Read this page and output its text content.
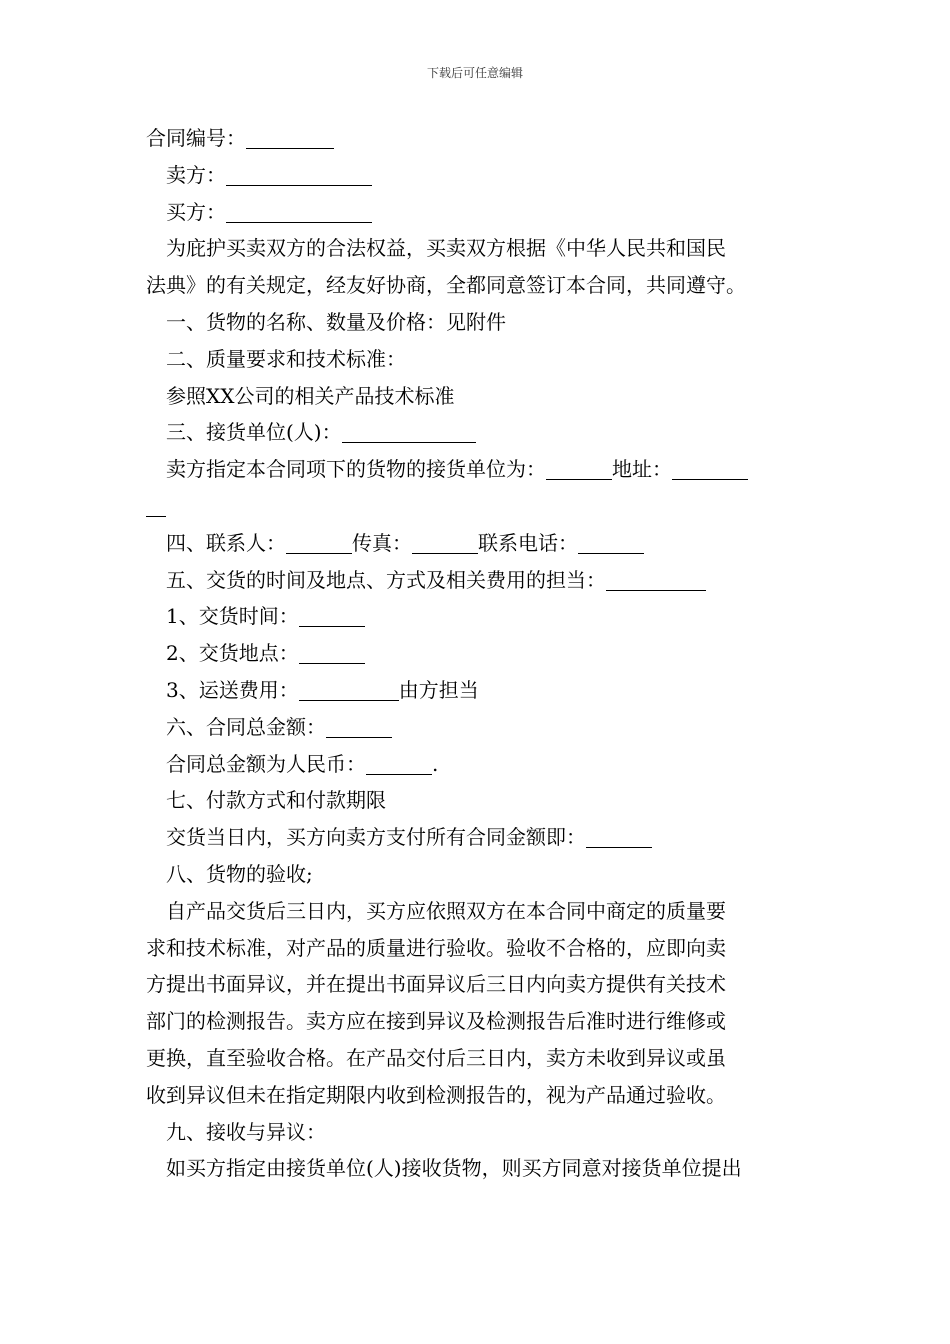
下载后可任意编辑
合同编号：
卖方：
买方：
为庇护买卖双方的合法权益，买卖双方根据《中华人民共和国民
法典》的有关规定，经友好协商，全都同意签订本合同，共同遵守。
一、货物的名称、数量及价格：见附件
二、质量要求和技术标准：
参照XX公司的相关产品技术标准
三、接货单位(人)：
卖方指定本合同项下的货物的接货单位为：	地址：
四、联系人：	传真：	联系电话：
五、交货的时间及地点、方式及相关费用的担当：
1、交货时间：
2、交货地点：
3、运送费用：	由方担当
六、合同总金额：
合同总金额为人民币：	.
七、付款方式和付款期限
交货当日内，买方向卖方支付所有合同金额即：
八、货物的验收;
自产品交货后三日内，买方应依照双方在本合同中商定的质量要
求和技术标准，对产品的质量进行验收。验收不合格的，应即向卖
方提出书面异议，并在提出书面异议后三日内向卖方提供有关技术
部门的检测报告。卖方应在接到异议及检测报告后准时进行维修或
更换，直至验收合格。在产品交付后三日内，卖方未收到异议或虽
收到异议但未在指定期限内收到检测报告的，视为产品通过验收。
九、接收与异议：
如买方指定由接货单位(人)接收货物，则买方同意对接货单位提出
